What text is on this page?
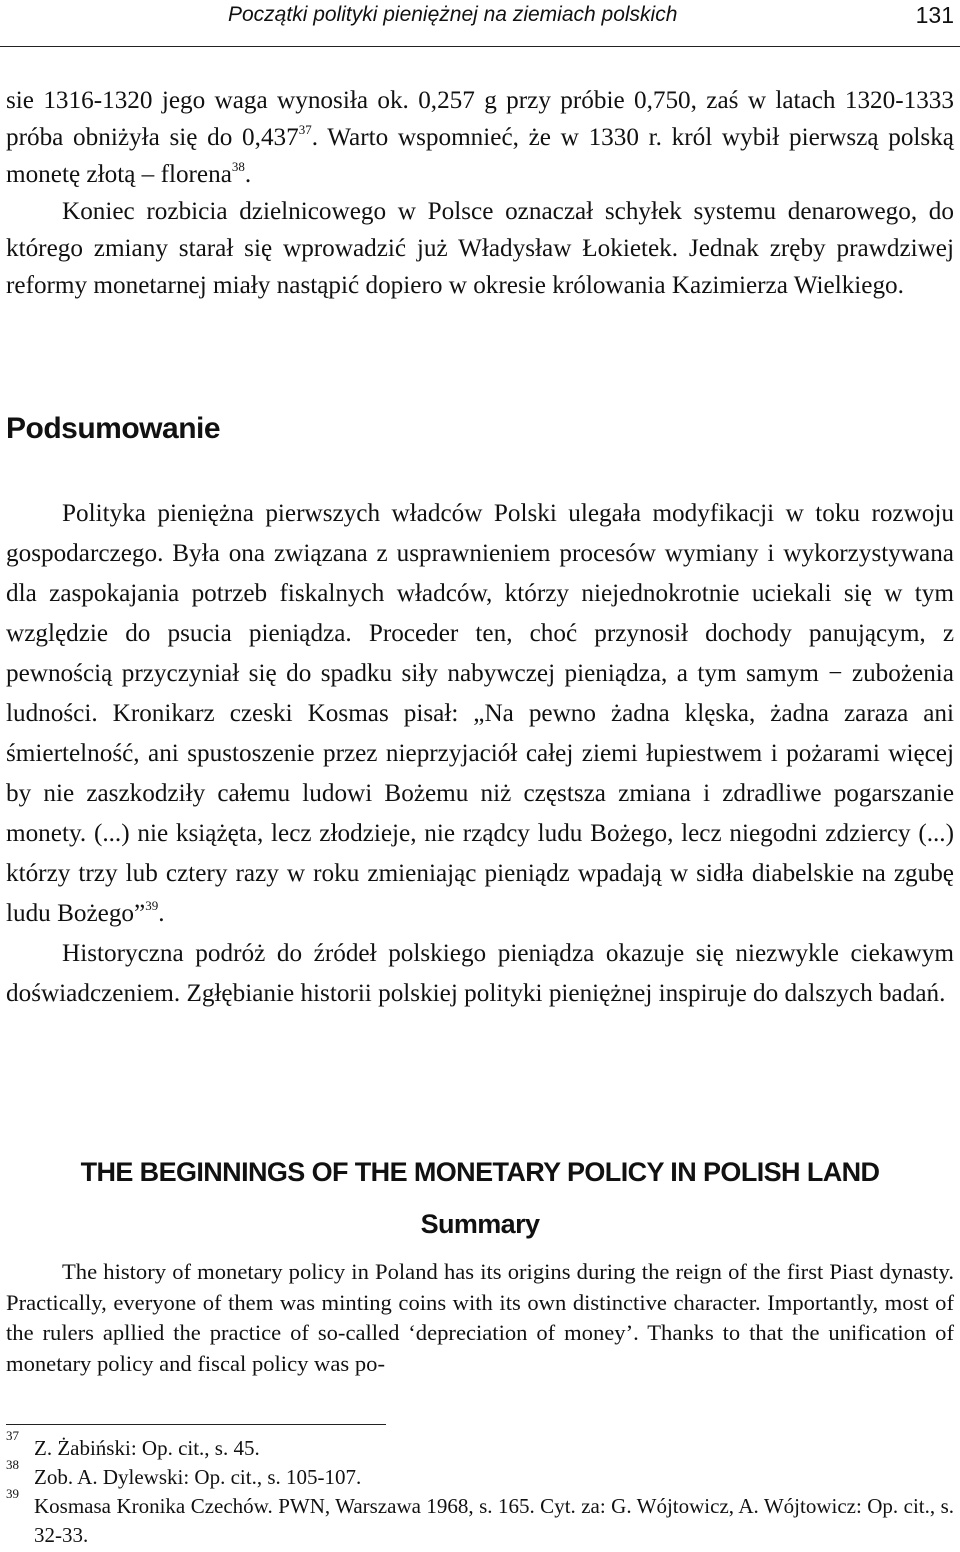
Początki polityki pieniężnej na ziemiach polskich	131

sie 1316-1320 jego waga wynosiła ok. 0,257 g przy próbie 0,750, zaś w latach 1320-1333 próba obniżyła się do 0,437$^{37}$. Warto wspomnieć, że w 1330 r. król wybił pierwszą polską monetę złotą – florena$^{38}$.

Koniec rozbicia dzielnicowego w Polsce oznaczał schyłek systemu denarowego, do którego zmiany starał się wprowadzić już Władysław Łokietek. Jednak zręby prawdziwej reformy monetarnej miały nastąpić dopiero w okresie królowania Kazimierza Wielkiego.

Podsumowanie

Polityka pieniężna pierwszych władców Polski ulegała modyfikacji w toku rozwoju gospodarczego. Była ona związana z usprawnieniem procesów wymiany i wykorzystywana dla zaspokajania potrzeb fiskalnych władców, którzy niejednokrotnie uciekali się w tym względzie do psucia pieniądza. Proceder ten, choć przynosił dochody panującym, z pewnością przyczyniał się do spadku siły nabywczej pieniądza, a tym samym − zubożenia ludności. Kronikarz czeski Kosmas pisał: „Na pewno żadna klęska, żadna zaraza ani śmiertelność, ani spustoszenie przez nieprzyjaciół całej ziemi łupiestwem i pożarami więcej by nie zaszkodziły całemu ludowi Bożemu niż częstsza zmiana i zdradliwe pogarszanie monety. (...) nie książęta, lecz złodzieje, nie rządcy ludu Bożego, lecz niegodni zdziercy (...) którzy trzy lub cztery razy w roku zmieniając pieniądz wpadają w sidła diabelskie na zgubę ludu Bożego”$^{39}$.

Historyczna podróż do źródeł polskiego pieniądza okazuje się niezwykle ciekawym doświadczeniem. Zgłębianie historii polskiej polityki pieniężnej inspiruje do dalszych badań.

THE BEGINNINGS OF THE MONETARY POLICY IN POLISH LAND
Summary

The history of monetary policy in Poland has its origins during the reign of the first Piast dynasty. Practically, everyone of them was minting coins with its own distinctive character. Importantly, most of the rulers apllied the practice of so-called ‘depreciation of money’. Thanks to that the unification of monetary policy and fiscal policy was po-

37
Z. Żabiński: Op. cit., s. 45.
38
Zob. A. Dylewski: Op. cit., s. 105-107.
39
Kosmasa Kronika Czechów. PWN, Warszawa 1968, s. 165. Cyt. za: G. Wójtowicz, A. Wójtowicz: Op. cit., s. 32-33.
